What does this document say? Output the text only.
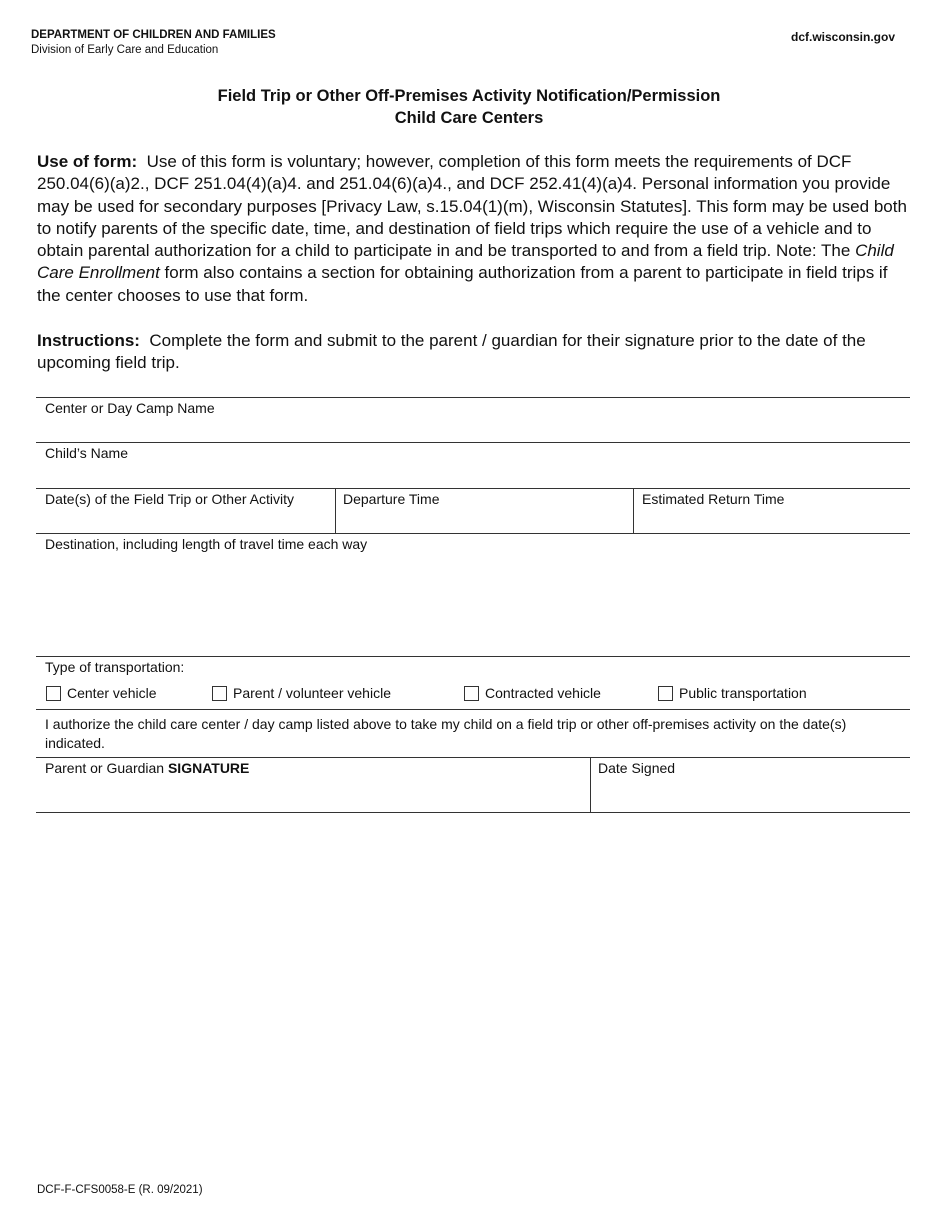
DEPARTMENT OF CHILDREN AND FAMILIES
Division of Early Care and Education
dcf.wisconsin.gov
Field Trip or Other Off-Premises Activity Notification/Permission
Child Care Centers
Use of form: Use of this form is voluntary; however, completion of this form meets the requirements of DCF 250.04(6)(a)2., DCF 251.04(4)(a)4. and 251.04(6)(a)4., and DCF 252.41(4)(a)4. Personal information you provide may be used for secondary purposes [Privacy Law, s.15.04(1)(m), Wisconsin Statutes]. This form may be used both to notify parents of the specific date, time, and destination of field trips which require the use of a vehicle and to obtain parental authorization for a child to participate in and be transported to and from a field trip. Note: The Child Care Enrollment form also contains a section for obtaining authorization from a parent to participate in field trips if the center chooses to use that form.
Instructions: Complete the form and submit to the parent / guardian for their signature prior to the date of the upcoming field trip.
Center or Day Camp Name
Child’s Name
Date(s) of the Field Trip or Other Activity	Departure Time	Estimated Return Time
Destination, including length of travel time each way
Type of transportation:
Center vehicle	Parent / volunteer vehicle	Contracted vehicle	Public transportation
I authorize the child care center / day camp listed above to take my child on a field trip or other off-premises activity on the date(s) indicated.
Parent or Guardian SIGNATURE	Date Signed
DCF-F-CFS0058-E (R. 09/2021)
